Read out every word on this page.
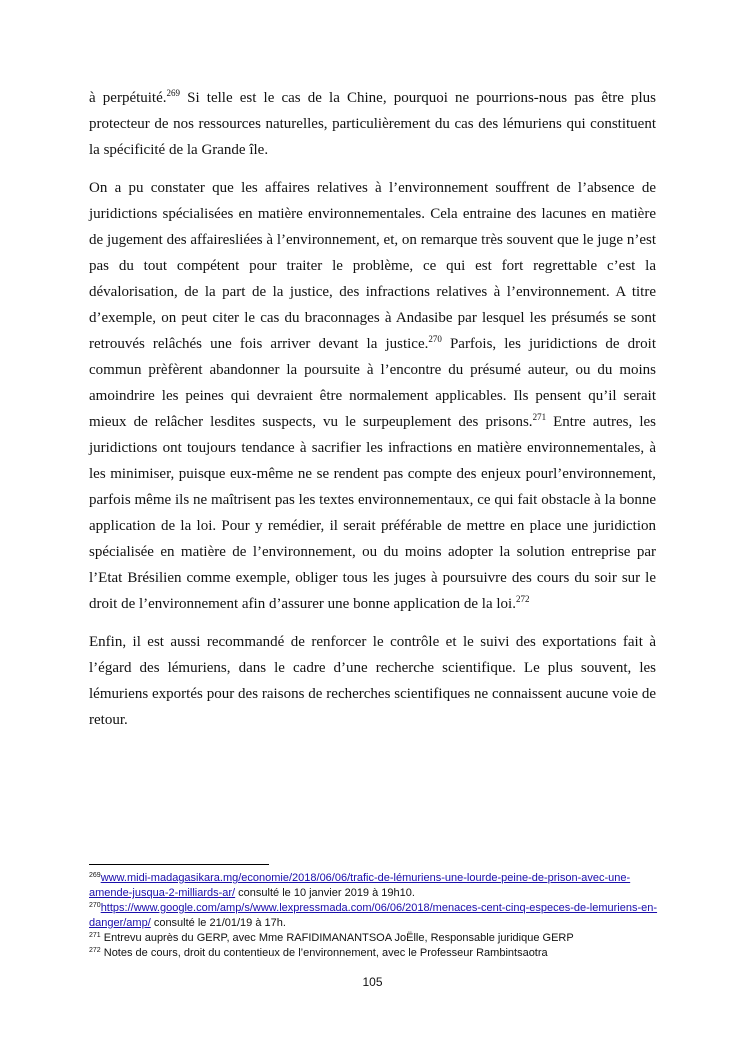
à perpétuité.$^{269}$ Si telle est le cas de la Chine, pourquoi ne pourrions-nous pas être plus protecteur de nos ressources naturelles, particulièrement du cas des lémuriens qui constituent la spécificité de la Grande île.

On a pu constater que les affaires relatives à l’environnement souffrent de l’absence de juridictions spécialisées en matière environnementales. Cela entraine des lacunes en matière de jugement des affairesliées à l’environnement, et, on remarque très souvent que le juge n’est pas du tout compétent pour traiter le problème, ce qui est fort regrettable c’est la dévalorisation, de la part de la justice, des infractions relatives à l’environnement. A titre d’exemple, on peut citer le cas du braconnages à Andasibe par lesquel les présumés se sont retrouvés relâchés une fois arriver devant la justice.$^{270}$ Parfois, les juridictions de droit commun prèfèrent abandonner la poursuite à l’encontre du présumé auteur, ou du moins amoindrire les peines qui devraient être normalement applicables. Ils pensent qu’il serait mieux de relâcher lesdites suspects, vu le surpeuplement des prisons.$^{271}$ Entre autres, les juridictions ont toujours tendance à sacrifier les infractions en matière environnementales, à les minimiser, puisque eux-même ne se rendent pas compte des enjeux pourl’environnement, parfois même ils ne maîtrisent pas les textes environnementaux, ce qui fait obstacle à la bonne application de la loi. Pour y remédier, il serait préférable de mettre en place une juridiction spécialisée en matière de l’environnement, ou du moins adopter la solution entreprise par l’Etat Brésilien comme exemple, obliger tous les juges à poursuivre des cours du soir sur le droit de l’environnement afin d’assurer une bonne application de la loi.$^{272}$

Enfin, il est aussi recommandé de renforcer le contrôle et le suivi des exportations fait à l’égard des lémuriens, dans le cadre d’une recherche scientifique. Le plus souvent, les lémuriens exportés pour des raisons de recherches scientifiques ne connaissent aucune voie de retour.

$^{269}$www.midi-madagasikara.mg/economie/2018/06/06/trafic-de-lémuriens-une-lourde-peine-de-prison-avec-une-amende-jusqua-2-milliards-ar/ consulté le 10 janvier 2019 à 19h10.
$^{270}$https://www.google.com/amp/s/www.lexpressmada.com/06/06/2018/menaces-cent-cinq-especes-de-lemuriens-en-danger/amp/ consulté le 21/01/19 à 17h.
$^{271}$ Entrevu auprès du GERP, avec Mme RAFIDIMANANTSOA JoËlle, Responsable juridique GERP
$^{272}$ Notes de cours, droit du contentieux de l’environnement, avec le Professeur Rambintsaotra
105
